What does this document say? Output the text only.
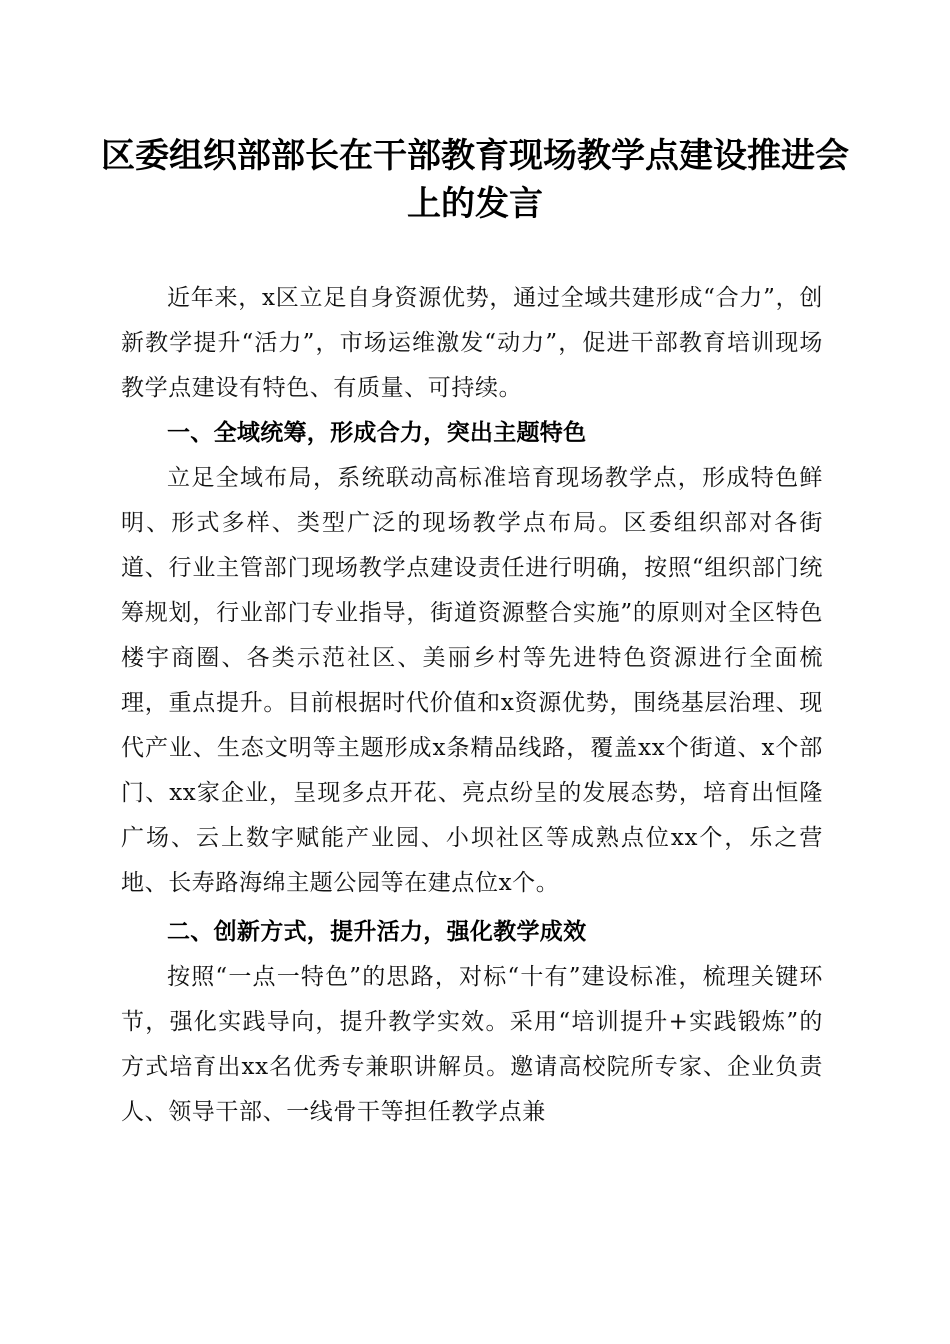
区委组织部部长在干部教育现场教学点建设推进会上的发言

近年来，x区立足自身资源优势，通过全域共建形成“合力”，创新教学提升“活力”，市场运维激发“动力”，促进干部教育培训现场教学点建设有特色、有质量、可持续。

一、全域统筹，形成合力，突出主题特色

立足全域布局，系统联动高标准培育现场教学点，形成特色鲜明、形式多样、类型广泛的现场教学点布局。区委组织部对各街道、行业主管部门现场教学点建设责任进行明确，按照“组织部门统筹规划，行业部门专业指导，街道资源整合实施”的原则对全区特色楼宇商圈、各类示范社区、美丽乡村等先进特色资源进行全面梳理，重点提升。目前根据时代价值和x资源优势，围绕基层治理、现代产业、生态文明等主题形成x条精品线路，覆盖xx个街道、x个部门、xx家企业，呈现多点开花、亮点纷呈的发展态势，培育出恒隆广场、云上数字赋能产业园、小坝社区等成熟点位xx个，乐之营地、长寿路海绵主题公园等在建点位x个。

二、创新方式，提升活力，强化教学成效

按照“一点一特色”的思路，对标“十有”建设标准，梳理关键环节，强化实践导向，提升教学实效。采用“培训提升+实践锻炼”的方式培育出xx名优秀专兼职讲解员。邀请高校院所专家、企业负责人、领导干部、一线骨干等担任教学点兼
